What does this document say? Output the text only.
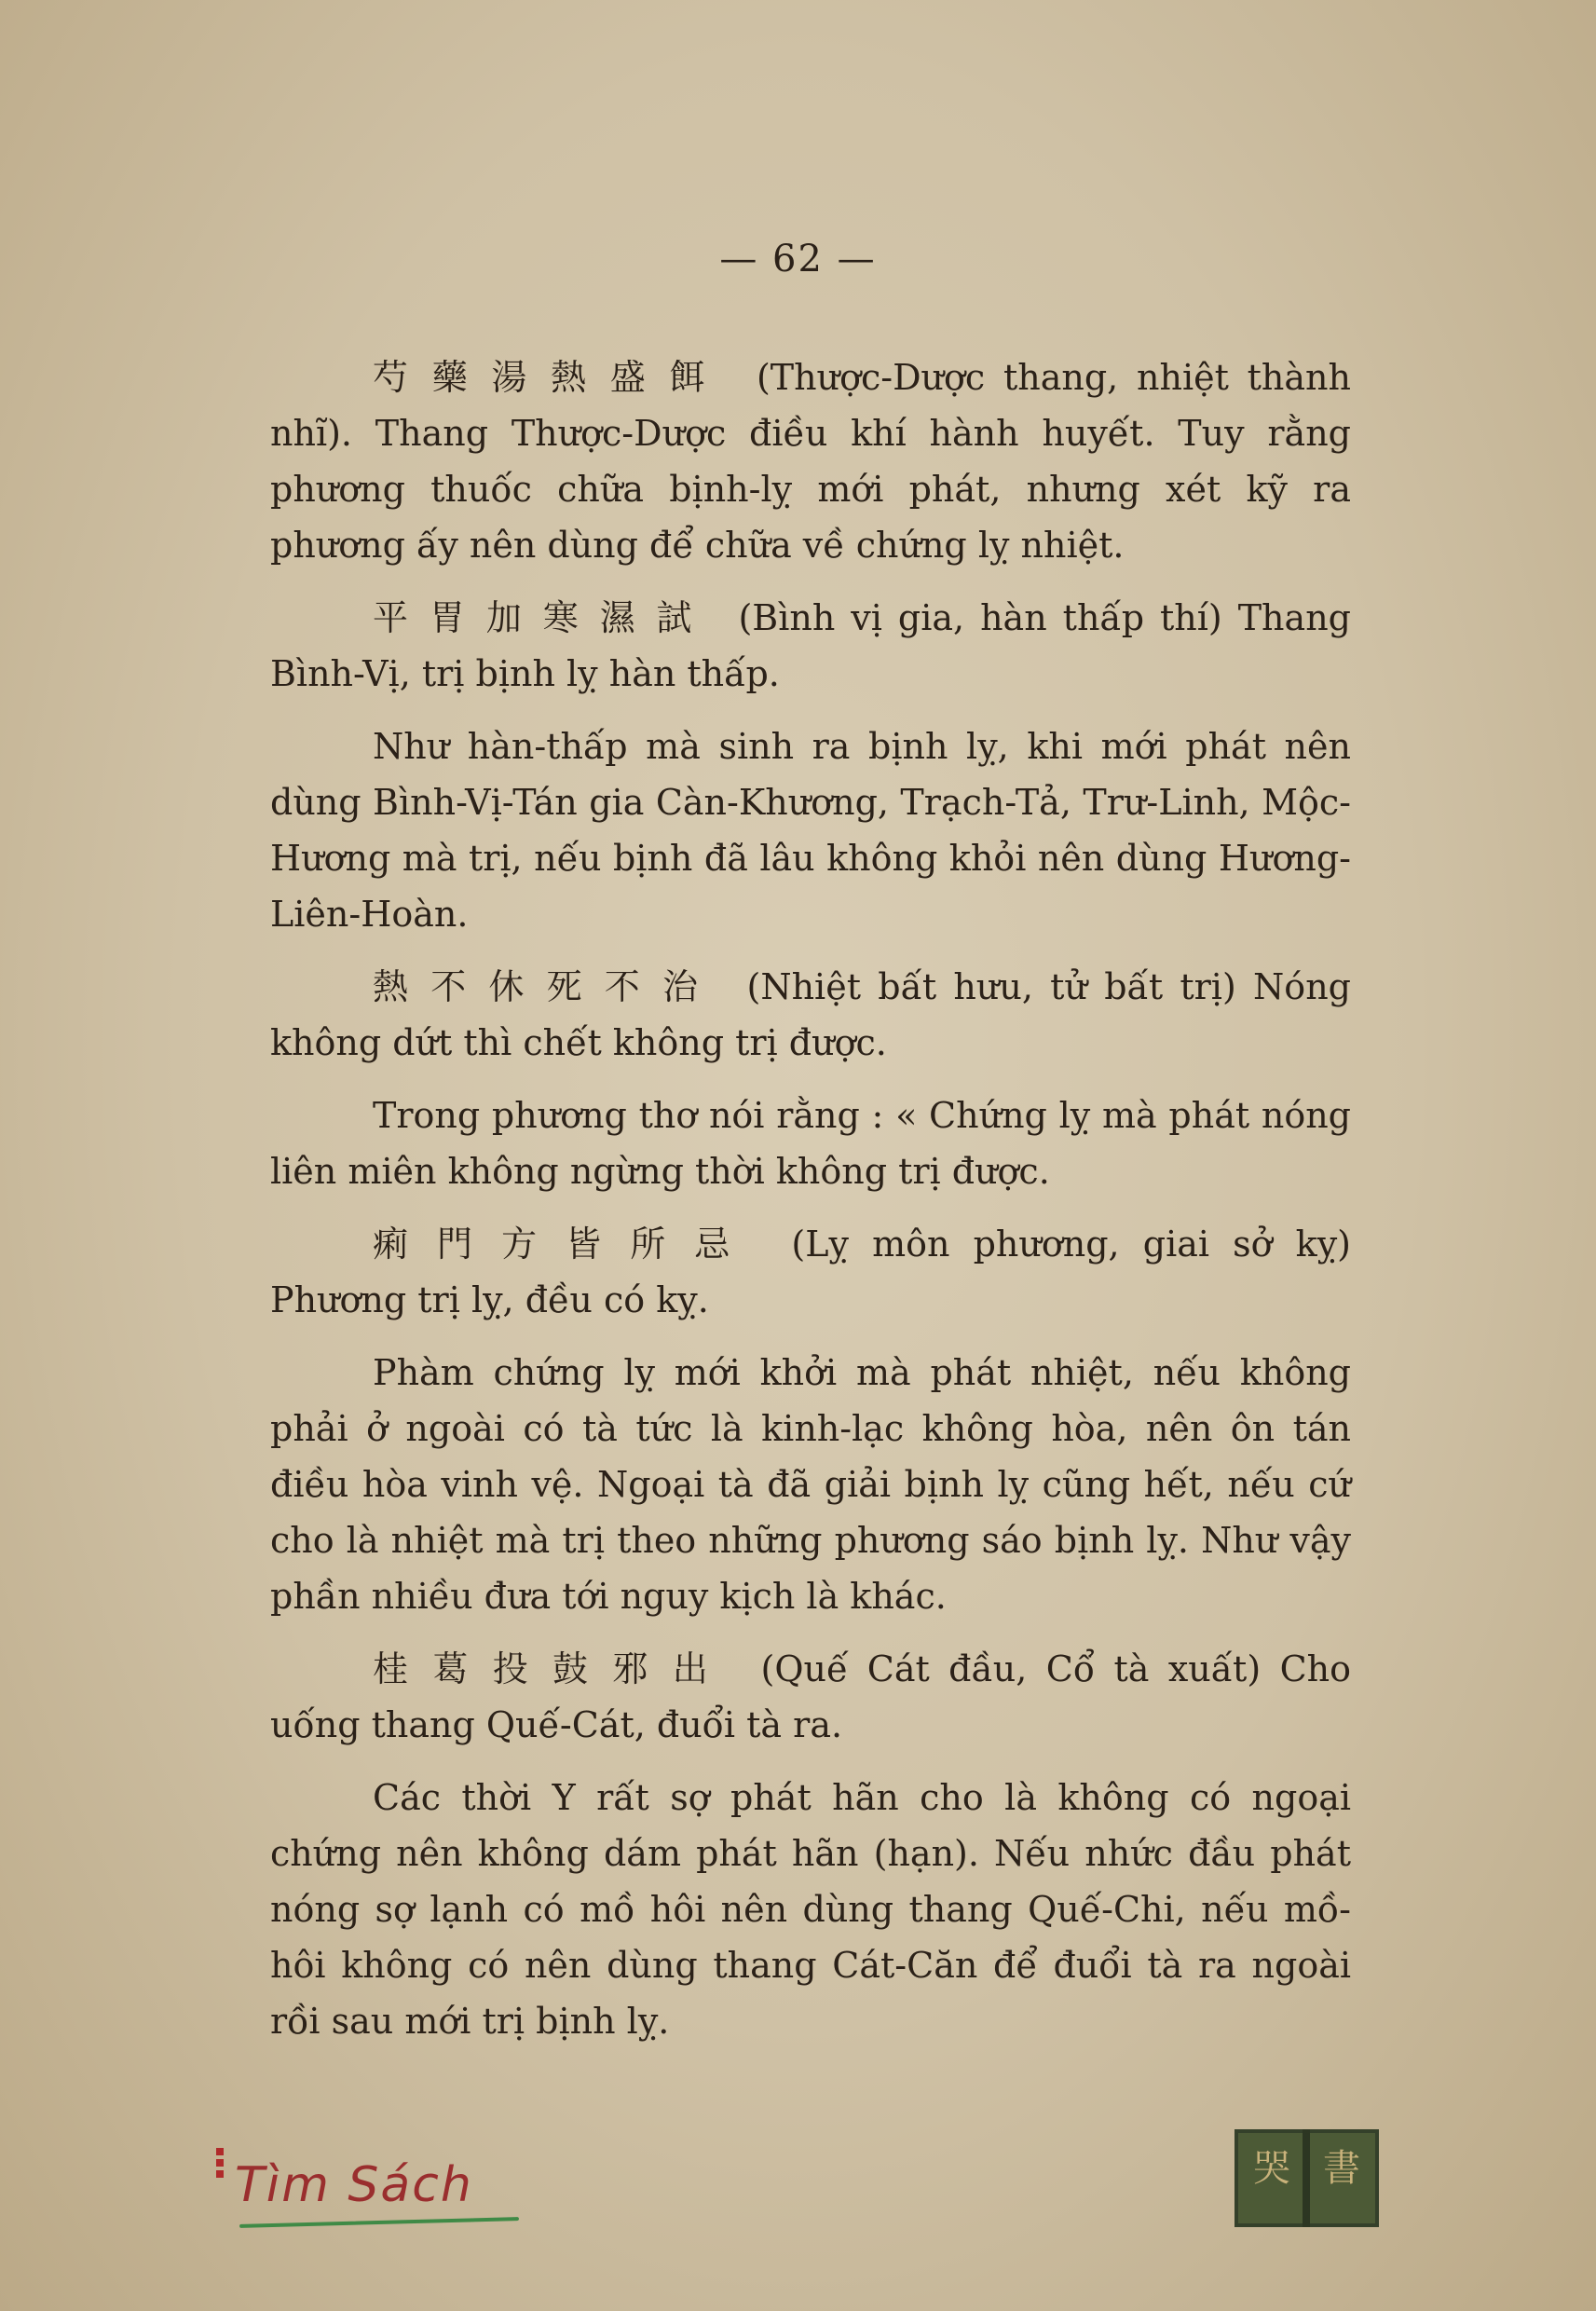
— 62 —

芍藥湯熱盛餌 (Thược-Dược thang, nhiệt thành nhĩ). Thang Thược-Dược điều khí hành huyết. Tuy rằng phương thuốc chữa bịnh-lỵ mới phát, nhưng xét kỹ ra phương ấy nên dùng để chữa về chứng lỵ nhiệt.

平胃加寒濕試 (Bình vị gia, hàn thấp thí) Thang Bình-Vị, trị bịnh lỵ hàn thấp.

Như hàn-thấp mà sinh ra bịnh lỵ, khi mới phát nên dùng Bình-Vị-Tán gia Càn-Khương, Trạch-Tả, Trư-Linh, Mộc-Hương mà trị, nếu bịnh đã lâu không khỏi nên dùng Hương-Liên-Hoàn.

熱不休死不治 (Nhiệt bất hưu, tử bất trị) Nóng không dứt thì chết không trị được.

Trong phương thơ nói rằng : « Chứng lỵ mà phát nóng liên miên không ngừng thời không trị được.

痢門方皆所忌 (Lỵ môn phương, giai sở kỵ) Phương trị lỵ, đều có kỵ.

Phàm chứng lỵ mới khởi mà phát nhiệt, nếu không phải ở ngoài có tà tức là kinh-lạc không hòa, nên ôn tán điều hòa vinh vệ. Ngoại tà đã giải bịnh lỵ cũng hết, nếu cứ cho là nhiệt mà trị theo những phương sáo bịnh lỵ. Như vậy phần nhiều đưa tới nguy kịch là khác.

桂葛投鼓邪出 (Quế Cát đầu, Cổ tà xuất) Cho uống thang Quế-Cát, đuổi tà ra.

Các thời Y rất sợ phát hãn cho là không có ngoại chứng nên không dám phát hãn (hạn). Nếu nhức đầu phát nóng sợ lạnh có mồ hôi nên dùng thang Quế-Chi, nếu mồ-hôi không có nên dùng thang Cát-Căn để đuổi tà ra ngoài rồi sau mới trị bịnh lỵ.

Tìm Sách	哭 書
